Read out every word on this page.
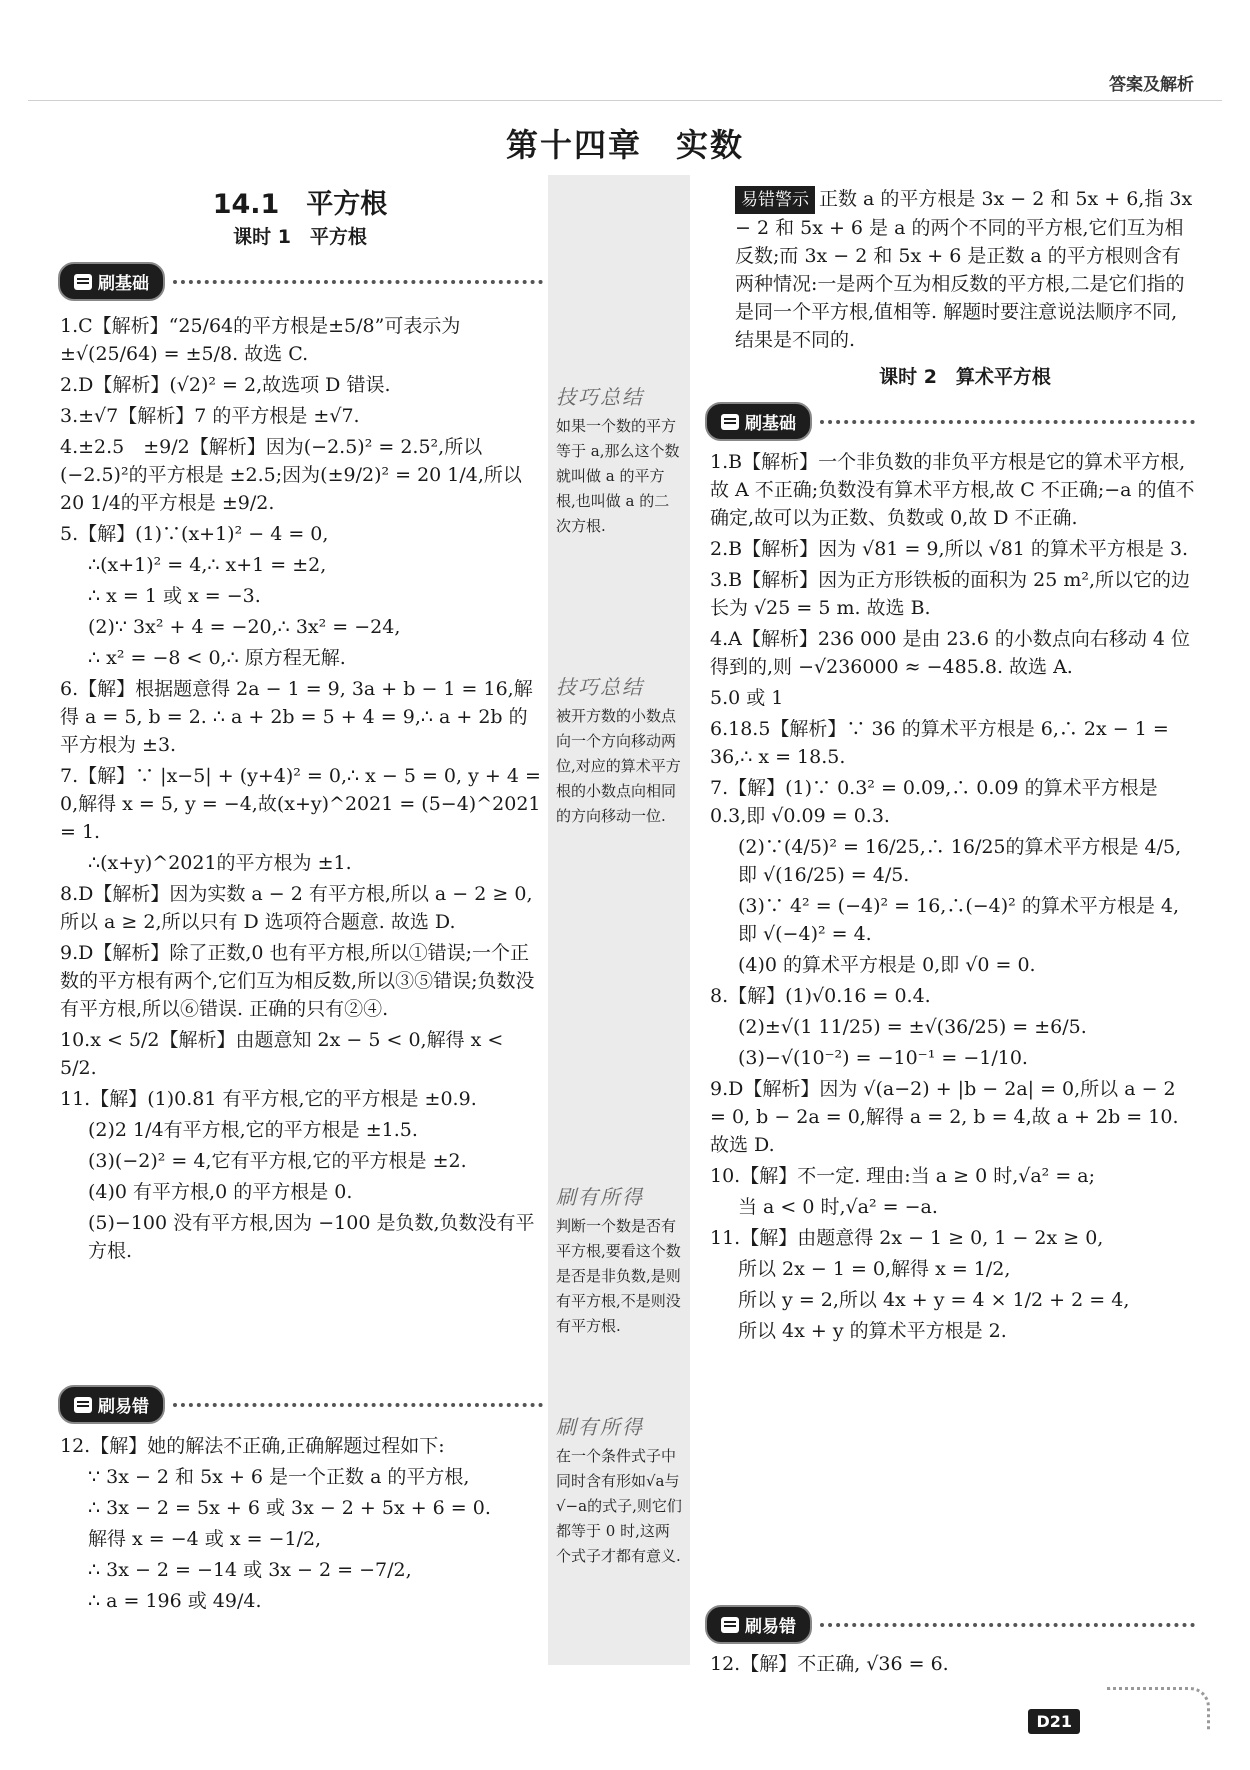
答案及解析
第十四章　实数
14.1　平方根
课时 1　平方根
刷基础

1.C【解析】“25/64的平方根是±5/8”可表示为 ±√(25/64) = ±5/8. 故选 C.

2.D【解析】(√2)² = 2,故选项 D 错误.

3.±√7【解析】7 的平方根是 ±√7.

4.±2.5　±9/2【解析】因为(−2.5)² = 2.5²,所以(−2.5)²的平方根是 ±2.5;因为(±9/2)² = 20 1/4,所以20 1/4的平方根是 ±9/2.

5.【解】(1)∵(x+1)² − 4 = 0,

∴(x+1)² = 4,∴ x+1 = ±2,

∴ x = 1 或 x = −3.

(2)∵ 3x² + 4 = −20,∴ 3x² = −24,

∴ x² = −8 < 0,∴ 原方程无解.

6.【解】根据题意得 2a − 1 = 9, 3a + b − 1 = 16,解得 a = 5, b = 2. ∴ a + 2b = 5 + 4 = 9,∴ a + 2b 的平方根为 ±3.

7.【解】∵ |x−5| + (y+4)² = 0,∴ x − 5 = 0, y + 4 = 0,解得 x = 5, y = −4,故(x+y)^2021 = (5−4)^2021 = 1.

∴(x+y)^2021的平方根为 ±1.

8.D【解析】因为实数 a − 2 有平方根,所以 a − 2 ≥ 0,所以 a ≥ 2,所以只有 D 选项符合题意. 故选 D.

9.D【解析】除了正数,0 也有平方根,所以①错误;一个正数的平方根有两个,它们互为相反数,所以③⑤错误;负数没有平方根,所以⑥错误. 正确的只有②④.

10.x < 5/2【解析】由题意知 2x − 5 < 0,解得 x < 5/2.

11.【解】(1)0.81 有平方根,它的平方根是 ±0.9.

(2)2 1/4有平方根,它的平方根是 ±1.5.

(3)(−2)² = 4,它有平方根,它的平方根是 ±2.

(4)0 有平方根,0 的平方根是 0.

(5)−100 没有平方根,因为 −100 是负数,负数没有平方根.

刷易错

12.【解】她的解法不正确,正确解题过程如下:

∵ 3x − 2 和 5x + 6 是一个正数 a 的平方根,

∴ 3x − 2 = 5x + 6 或 3x − 2 + 5x + 6 = 0.

解得 x = −4 或 x = −1/2,

∴ 3x − 2 = −14 或 3x − 2 = −7/2,

∴ a = 196 或 49/4.

技巧总结
如果一个数的平方等于 a,那么这个数就叫做 a 的平方根,也叫做 a 的二次方根.
技巧总结
被开方数的小数点向一个方向移动两位,对应的算术平方根的小数点向相同的方向移动一位.
刷有所得
判断一个数是否有平方根,要看这个数是否是非负数,是则有平方根,不是则没有平方根.
刷有所得
在一个条件式子中同时含有形如√a与√−a的式子,则它们都等于 0 时,这两个式子才都有意义.
易错警示 正数 a 的平方根是 3x − 2 和 5x + 6,指 3x − 2 和 5x + 6 是 a 的两个不同的平方根,它们互为相反数;而 3x − 2 和 5x + 6 是正数 a 的平方根则含有两种情况:一是两个互为相反数的平方根,二是它们指的是同一个平方根,值相等. 解题时要注意说法顺序不同,结果是不同的.
课时 2　算术平方根
刷基础

1.B【解析】一个非负数的非负平方根是它的算术平方根,故 A 不正确;负数没有算术平方根,故 C 不正确;−a 的值不确定,故可以为正数、负数或 0,故 D 不正确.

2.B【解析】因为 √81 = 9,所以 √81 的算术平方根是 3.

3.B【解析】因为正方形铁板的面积为 25 m²,所以它的边长为 √25 = 5 m. 故选 B.

4.A【解析】236 000 是由 23.6 的小数点向右移动 4 位得到的,则 −√236000 ≈ −485.8. 故选 A.

5.0 或 1

6.18.5【解析】∵ 36 的算术平方根是 6,∴ 2x − 1 = 36,∴ x = 18.5.

7.【解】(1)∵ 0.3² = 0.09,∴ 0.09 的算术平方根是 0.3,即 √0.09 = 0.3.

(2)∵(4/5)² = 16/25,∴ 16/25的算术平方根是 4/5,即 √(16/25) = 4/5.

(3)∵ 4² = (−4)² = 16,∴(−4)² 的算术平方根是 4,即 √(−4)² = 4.

(4)0 的算术平方根是 0,即 √0 = 0.

8.【解】(1)√0.16 = 0.4.

(2)±√(1 11/25) = ±√(36/25) = ±6/5.

(3)−√(10⁻²) = −10⁻¹ = −1/10.

9.D【解析】因为 √(a−2) + |b − 2a| = 0,所以 a − 2 = 0, b − 2a = 0,解得 a = 2, b = 4,故 a + 2b = 10. 故选 D.

10.【解】不一定. 理由:当 a ≥ 0 时,√a² = a;

当 a < 0 时,√a² = −a.

11.【解】由题意得 2x − 1 ≥ 0, 1 − 2x ≥ 0,

所以 2x − 1 = 0,解得 x = 1/2,

所以 y = 2,所以 4x + y = 4 × 1/2 + 2 = 4,

所以 4x + y 的算术平方根是 2.

刷易错

12.【解】不正确, √36 = 6.

D21
